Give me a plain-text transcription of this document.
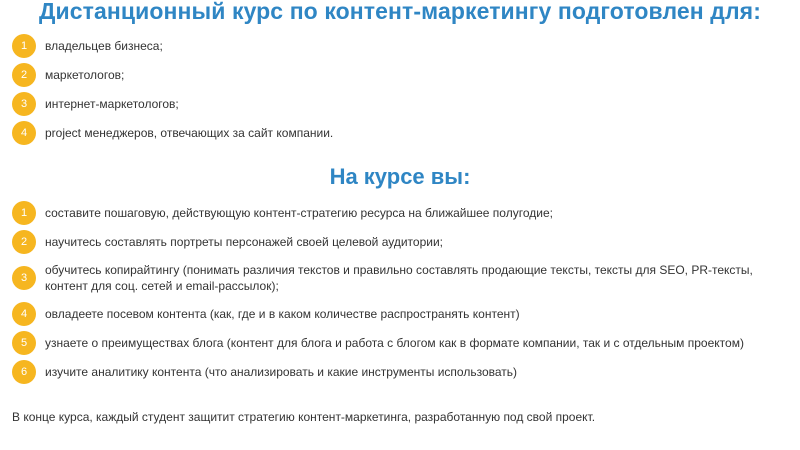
Дистанционный курс по контент-маркетингу подготовлен для:
1	владельцев бизнеса;
2	маркетологов;
3	интернет-маркетологов;
4	project менеджеров, отвечающих за сайт компании.
На курсе вы:
1	составите пошаговую, действующую контент-стратегию ресурса на ближайшее полугодие;
2	научитесь составлять портреты персонажей своей целевой аудитории;
3
обучитесь копирайтингу (понимать различия текстов и правильно составлять продающие тексты, тексты для SEO, PR-тексты, контент для соц. сетей и email-рассылок);
4	овладеете посевом контента (как, где и в каком количестве распространять контент)
5	узнаете о преимуществах блога (контент для блога и работа с блогом как в формате компании, так и с отдельным проектом)
6	изучите аналитику контента (что анализировать и какие инструменты использовать)

В конце курса, каждый студент защитит стратегию контент-маркетинга, разработанную под свой проект.
